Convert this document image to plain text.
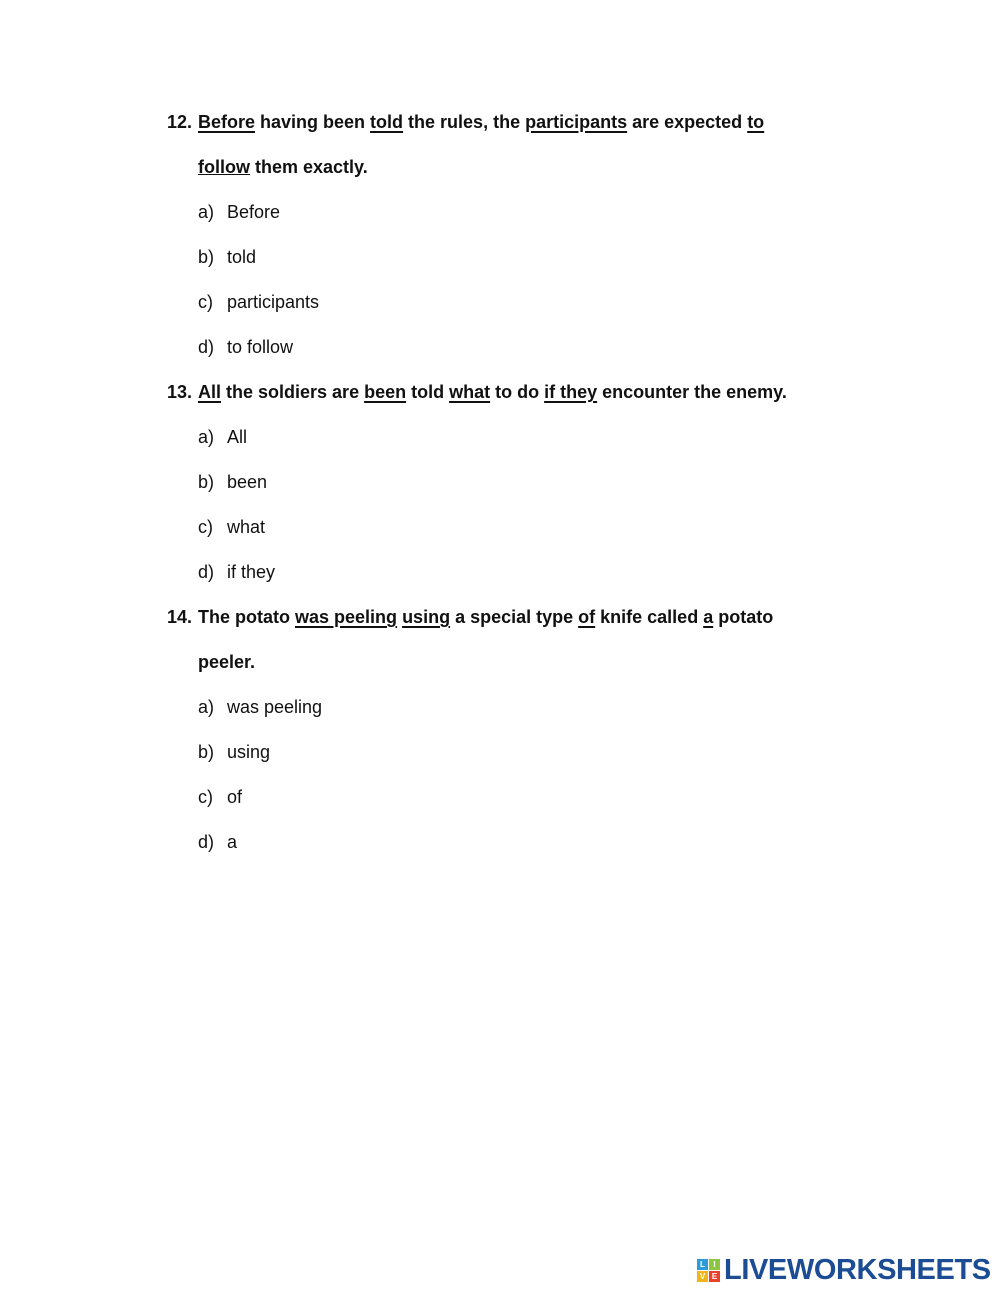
12. Before having been told the rules, the participants are expected to
follow them exactly.
a) Before
b) told
c) participants
d) to follow
13. All the soldiers are been told what to do if they encounter the enemy.
a) All
b) been
c) what
d) if they
14. The potato was peeling using a special type of knife called a potato
peeler.
a) was peeling
b) using
c) of
d) a
L	I
V E LIVEWORKSHEETS
